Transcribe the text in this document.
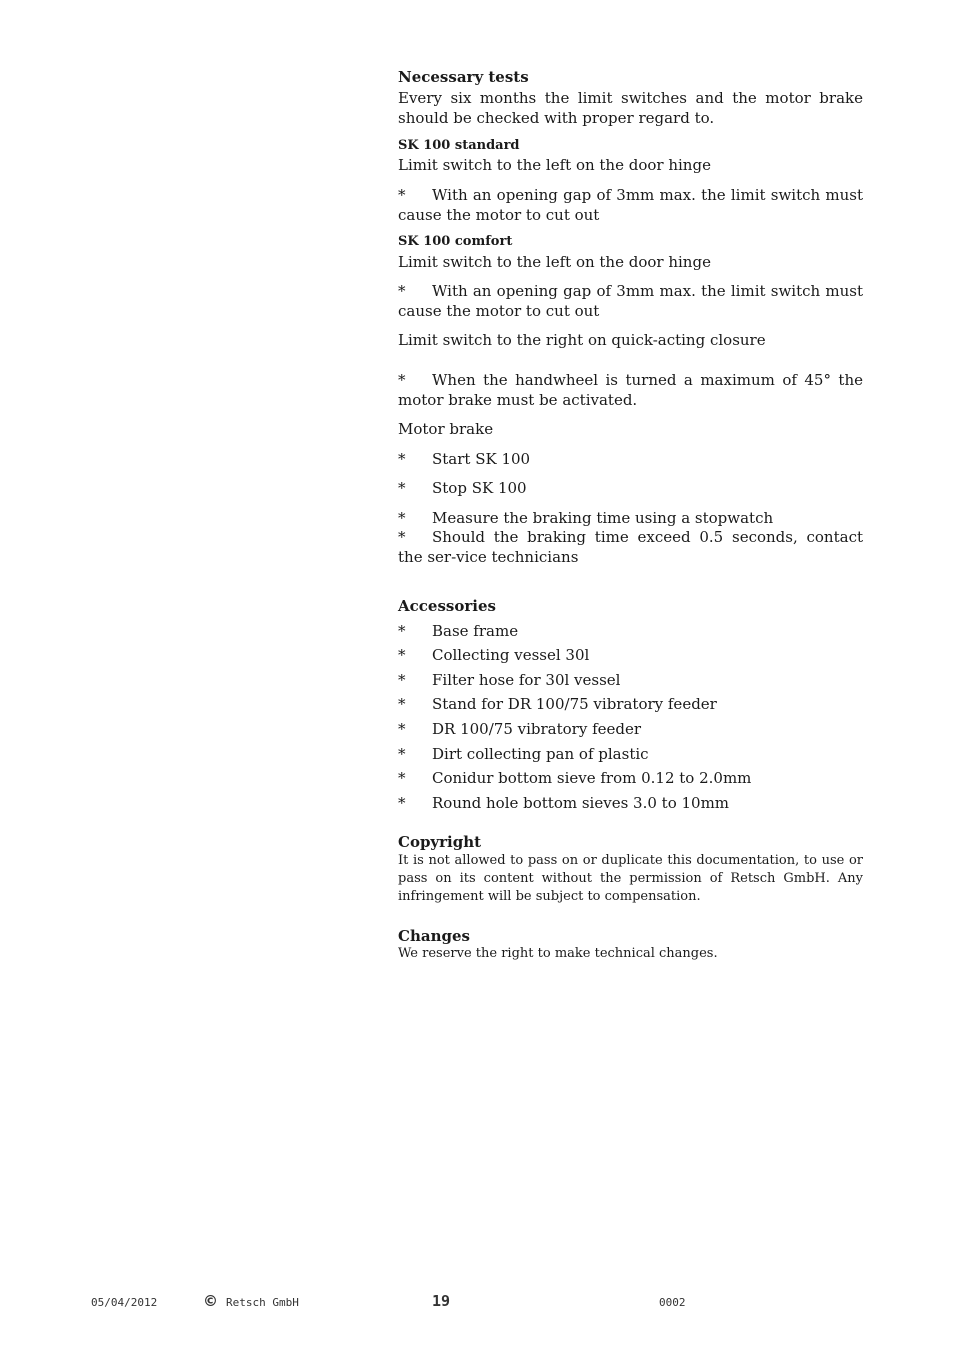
Necessary tests
Every six months the limit switches and the motor brake should be checked with proper regard to.
SK 100 standard
Limit switch to the left on the door hinge
* With an opening gap of 3mm max. the limit switch must cause the motor to cut out
SK 100 comfort
Limit switch to the left on the door hinge
* With an opening gap of 3mm max. the limit switch must cause the motor to cut out
Limit switch to the right on quick-acting closure
* When the handwheel is turned a maximum of 45° the motor brake must be activated.
Motor brake
* Start SK 100
* Stop SK 100
* Measure the braking time using a stopwatch
* Should the braking time exceed 0.5 seconds, contact the ser-vice technicians
Accessories
* Base frame
* Collecting vessel 30l
* Filter hose for 30l vessel
* Stand for DR 100/75 vibratory feeder
* DR 100/75 vibratory feeder
* Dirt collecting pan of plastic
* Conidur bottom sieve from 0.12 to 2.0mm
* Round hole bottom sieves 3.0 to 10mm
Copyright
It is not allowed to pass on or duplicate this documentation, to use or pass on its content without the permission of Retsch GmbH. Any infringement will be subject to compensation.
Changes
We reserve the right to make technical changes.
05/04/2012	© Retsch GmbH	19	0002
